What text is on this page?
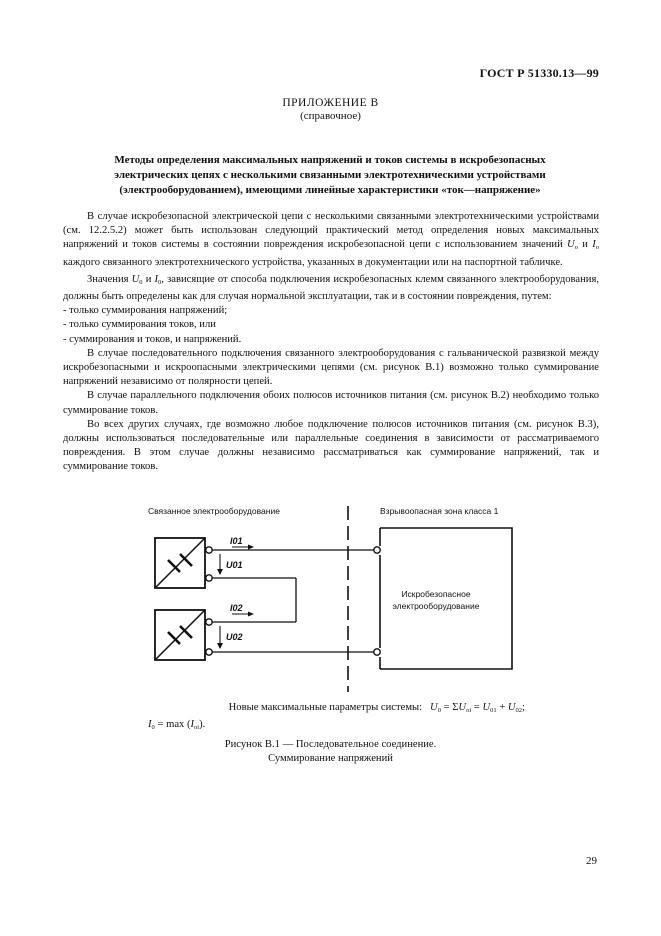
ГОСТ Р 51330.13—99
ПРИЛОЖЕНИЕ В
(справочное)
Методы определения максимальных напряжений и токов системы в искробезопасных
электрических цепях с несколькими связанными электротехническими устройствами
(электрооборудованием), имеющими линейные характеристики «ток—напряжение»

В случае искробезопасной электрической цепи с несколькими связанными электротехническими устройствами (см. 12.2.5.2) может быть использован следующий практический метод определения новых максимальных напряжений и токов системы в состоянии повреждения искробезопасной цепи с использованием значений $U_о$ и $I_о$ каждого связанного электротехнического устройства, указанных в документации или на паспортной табличке.

Значения $U_0$ и $I_0$, зависящие от способа подключения искробезопасных клемм связанного электрооборудования, должны быть определены как для случая нормальной эксплуатации, так и в состоянии повреждения, путем:

- только суммирования напряжений;

- только суммирования токов, или

- суммирования и токов, и напряжений.

В случае последовательного подключения связанного электрооборудования с гальванической развязкой между искробезопасными и искроопасными электрическими цепями (см. рисунок В.1) возможно только суммирование напряжений независимо от полярности цепей.

В случае параллельного подключения обоих полюсов источников питания (см. рисунок В.2) необходимо только суммирование токов.

Во всех других случаях, где возможно любое подключение полюсов источников питания (см. рисунок В.3), должны использоваться последовательные или параллельные соединения в зависимости от рассматриваемого повреждения. В этом случае должны независимо рассматриваться как суммирование напряжений, так и суммирование токов.

Связанное электрооборудование	Взрывоопасная зона класса 1
I01
U01
I02
U02
Искробезопасное
электрооборудование
Новые максимальные параметры системы: $U_0 = \Sigma U_{oi} = U_{01} + U_{02}$;
$I_0 = \max (I_{oi})$.
Рисунок В.1 — Последовательное соединение.
Суммирование напряжений
29
